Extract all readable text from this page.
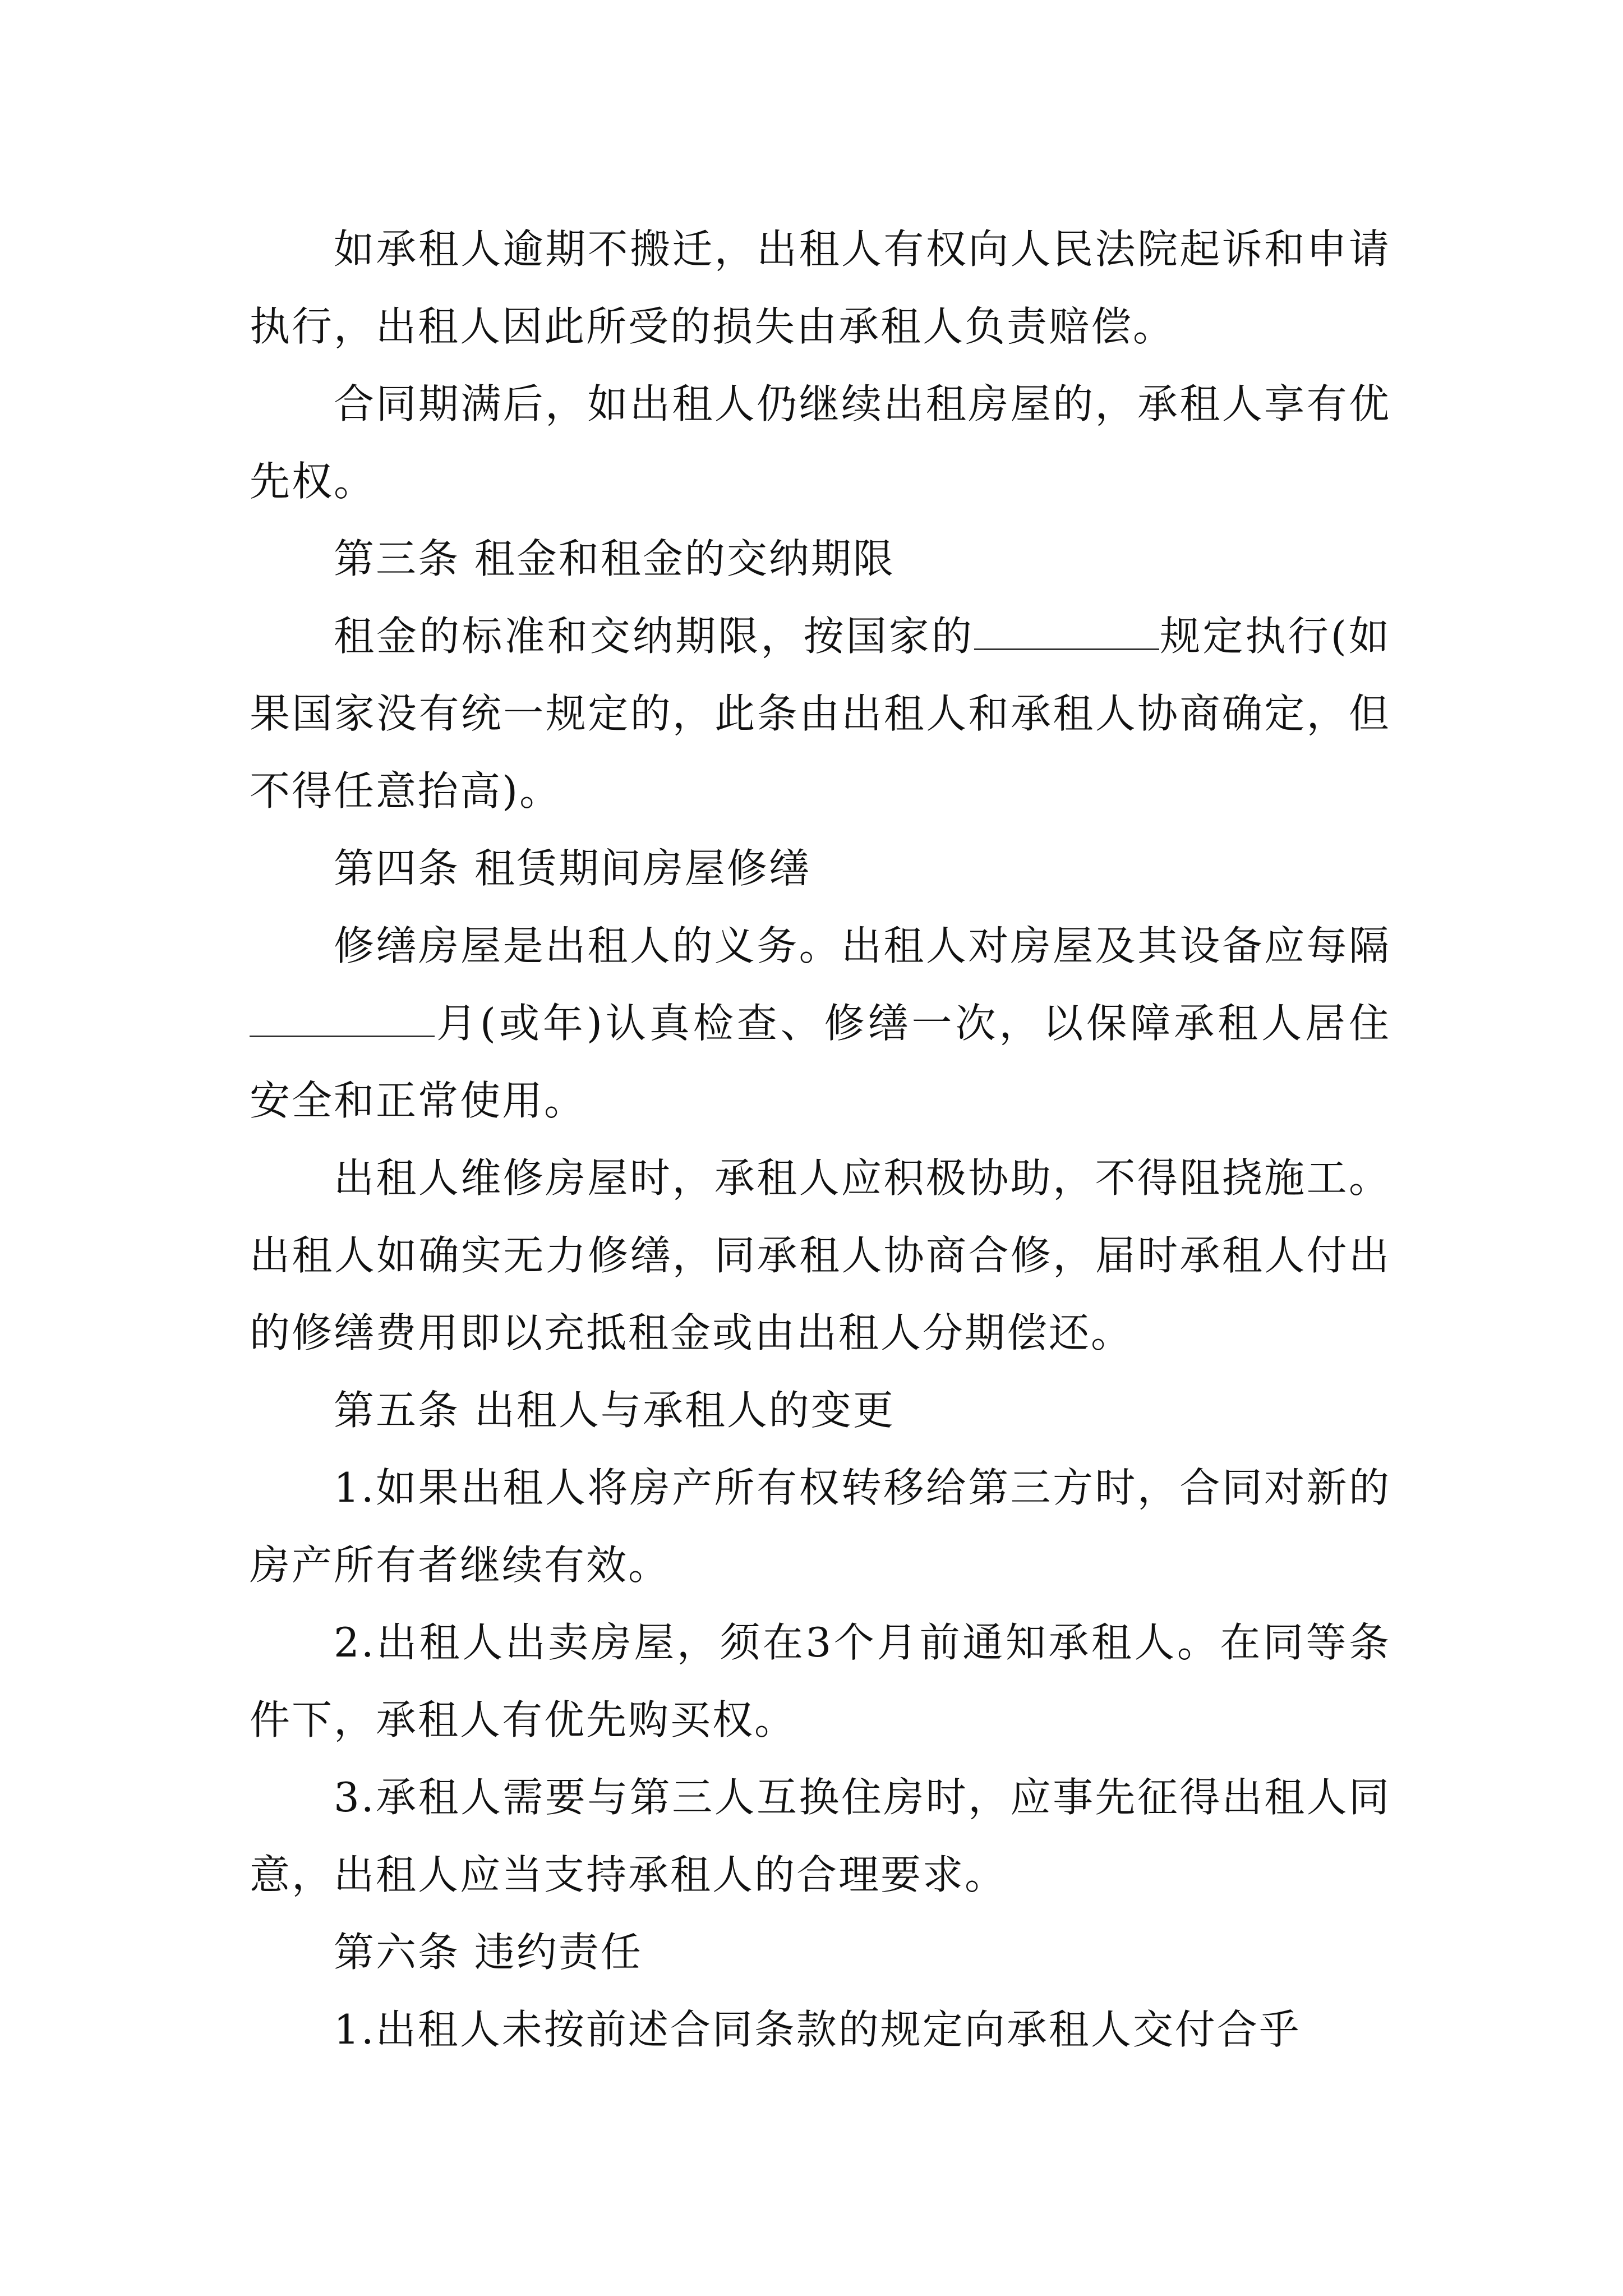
如承租人逾期不搬迁，出租人有权向人民法院起诉和申请执行，出租人因此所受的损失由承租人负责赔偿。

合同期满后，如出租人仍继续出租房屋的，承租人享有优先权。

第三条 租金和租金的交纳期限

租金的标准和交纳期限，按国家的	规定执行(如果国家没有统一规定的，此条由出租人和承租人协商确定，但不得任意抬高)。

第四条 租赁期间房屋修缮

修缮房屋是出租人的义务。出租人对房屋及其设备应每隔月(或年)认真检查、修缮一次，以保障承租人居住安全和正常使用。

出租人维修房屋时，承租人应积极协助，不得阻挠施工。出租人如确实无力修缮，同承租人协商合修，届时承租人付出的修缮费用即以充抵租金或由出租人分期偿还。

第五条 出租人与承租人的变更

1.如果出租人将房产所有权转移给第三方时，合同对新的房产所有者继续有效。

2.出租人出卖房屋，须在3个月前通知承租人。在同等条件下，承租人有优先购买权。

3.承租人需要与第三人互换住房时，应事先征得出租人同意，出租人应当支持承租人的合理要求。

第六条 违约责任

1.出租人未按前述合同条款的规定向承租人交付合乎
